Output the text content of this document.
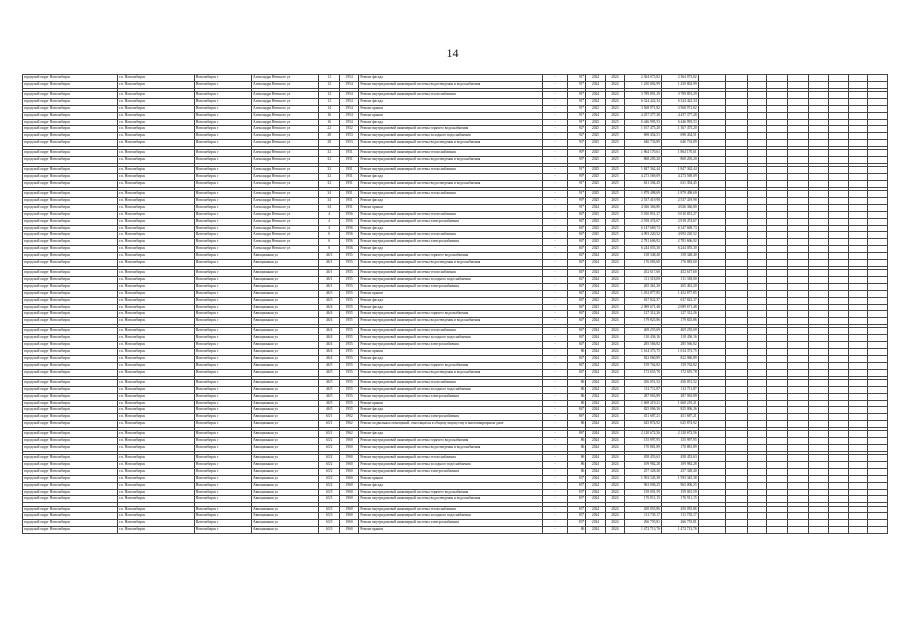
14
городской округ Новосибирск	г.п. Новосибирск	Новосибирск г	Александра Невского ул	12	1954	Ремонт фасада	-	91*	2024	2024	2 364 073,82	2 364 073,82									
городской округ Новосибирск	г.п. Новосибирск	Новосибирск г	Александра Невского ул	12	1954	Ремонт внутридомовой инженерной системы водоотведения и водоснабжения	-	91*	2024	2024	1 250 802,99	1 250 802,99									

городской округ Новосибирск	г.п. Новосибирск	Новосибирск г	Александра Невского ул	12	1954	Ремонт внутридомовой инженерной системы теплоснабжения	-	91*	2024	2024	3 789 891,29	3 789 891,29									
городской округ Новосибирск	г.п. Новосибирск	Новосибирск г	Александра Невского ул	12	1954	Ремонт фасада	-	91*	2024	2024	6 324 422,34	6 324 422,34									
городской округ Новосибирск	г.п. Новосибирск	Новосибирск г	Александра Невского ул	14	1954	Ремонт крыши	-	91*	2023	2023	3 568 971,82	3 568 971,82									
городской округ Новосибирск	г.п. Новосибирск	Новосибирск г	Александра Невского ул	16	1954	Ремонт крыши	-	91*	2024	2024	4 457 377,28	4 457 377,28									
городской округ Новосибирск	г.п. Новосибирск	Новосибирск г	Александра Невского ул	16	1954	Ремонт фасада	-	91*	2025	2025	6 446 993,53	6 446 993,53									
городской округ Новосибирск	г.п. Новосибирск	Новосибирск г	Александра Невского ул	22	1952	Ремонт внутридомовой инженерной системы горячего водоснабжения	-	92*	2025	2025	1 167 475,20	1 167 475,20									
городской округ Новосибирск	г.п. Новосибирск	Новосибирск г	Александра Невского ул	28	1953	Ремонт внутридомовой инженерной системы холодного водоснабжения	-	92*	2025	2025	698 454,51	698 454,51									
городской округ Новосибирск	г.п. Новосибирск	Новосибирск г	Александра Невского ул	28	1953	Ремонт внутридомовой инженерной системы водоотведения и водоснабжения	-	93*	2025	2025	646 733,89	646 733,89									

городской округ Новосибирск	г.п. Новосибирск	Новосибирск г	Александра Невского ул	32	1951	Ремонт внутридомовой инженерной системы теплоснабжения	-	90*	2025	2025	1 864 170,61	1 864 170,61									
городской округ Новосибирск	г.п. Новосибирск	Новосибирск г	Александра Невского ул	32	1951	Ремонт внутридомовой инженерной системы водоотведения и водоснабжения	-	90*	2025	2025	868 205,20	868 205,20									

городской округ Новосибирск	г.п. Новосибирск	Новосибирск г	Александра Невского ул	32	1951	Ремонт внутридомовой инженерной системы теплоснабжения	-	91*	2025	2025	1 847 362,44	1 847 362,44									
городской округ Новосибирск	г.п. Новосибирск	Новосибирск г	Александра Невского ул	32	1951	Ремонт фасада	-	90*	2025	2025	4 273 569,09	4 273 569,09									
городской округ Новосибирск	г.п. Новосибирск	Новосибирск г	Александра Невского ул	32	1951	Ремонт внутридомовой инженерной системы водоотведения и водоснабжения	-	91*	2025	2025	631 394,45	631 394,45									

городской округ Новосибирск	г.п. Новосибирск	Новосибирск г	Александра Невского ул	34	1951	Ремонт внутридомовой инженерной системы теплоснабжения	-	91*	2025	2025	1 879 498,69	1 879 498,69									
городской округ Новосибирск	г.п. Новосибирск	Новосибирск г	Александра Невского ул	34	1951	Ремонт фасада	-	90*	2025	2025	2 537 419,98	2 537 419,98									
городской округ Новосибирск	г.п. Новосибирск	Новосибирск г	Александра Невского ул	34	1951	Ремонт крыши	-	91*	2024	2024	4 026 366,80	4 026 366,80									
городской округ Новосибирск	г.п. Новосибирск	Новосибирск г	Александра Невского ул	4	1956	Ремонт внутридомовой инженерной системы теплоснабжения	-	84*	2025	2025	5 010 851,27	5 010 851,27									
городской округ Новосибирск	г.п. Новосибирск	Новосибирск г	Александра Невского ул	4	1956	Ремонт внутридомовой инженерной системы электроснабжения	-	84*	2025	2025	2 918 474,67	2 918 474,67									
городской округ Новосибирск	г.п. Новосибирск	Новосибирск г	Александра Невского ул	4	1956	Ремонт фасада	-	84*	2025	2025	6 147 669,73	6 147 669,73									
городской округ Новосибирск	г.п. Новосибирск	Новосибирск г	Александра Невского ул	6	1956	Ремонт внутридомовой инженерной системы теплоснабжения	-	84*	2025	2025	4 093 220,52	4 093 220,52									
городской округ Новосибирск	г.п. Новосибирск	Новосибирск г	Александра Невского ул	6	1956	Ремонт внутридомовой инженерной системы электроснабжения	-	84*	2025	2025	2 781 606,92	2 781 606,92									
городской округ Новосибирск	г.п. Новосибирск	Новосибирск г	Александра Невского ул	6	1956	Ремонт фасада	-	84*	2025	2025	6 244 055,30	6 244 055,30									
городской округ Новосибирск	г.п. Новосибирск	Новосибирск г	Авиационная ул	46/1	1955	Ремонт внутридомовой инженерной системы горячего водоснабжения	-	84*	2024	2024	158 348,40	158 348,40									
городской округ Новосибирск	г.п. Новосибирск	Новосибирск г	Авиационная ул	46/1	1955	Ремонт внутридомовой инженерной системы водоотведения и водоснабжения	-	84*	2024	2024	176 083,60	176 083,60									

городской округ Новосибирск	г.п. Новосибирск	Новосибирск г	Авиационная ул	46/1	1955	Ремонт внутридомовой инженерной системы теплоснабжения	-	84*	2024	2024	452 617,60	452 617,60									
городской округ Новосибирск	г.п. Новосибирск	Новосибирск г	Авиационная ул	46/1	1955	Ремонт внутридомовой инженерной системы холодного водоснабжения	-	84*	2024	2024	111 318,00	111 318,00									
городской округ Новосибирск	г.п. Новосибирск	Новосибирск г	Авиационная ул	46/1	1955	Ремонт внутридомовой инженерной системы электроснабжения	-	84*	2024	2024	265 461,20	265 461,20									
городской округ Новосибирск	г.п. Новосибирск	Новосибирск г	Авиационная ул	46/3	1955	Ремонт крыши	-	84*	2024	2024	1 452 877,85	1 452 877,85									
городской округ Новосибирск	г.п. Новосибирск	Новосибирск г	Авиационная ул	46/3	1955	Ремонт фасада	-	84*	2023	2023	637 822,37	637 822,37									
городской округ Новосибирск	г.п. Новосибирск	Новосибирск г	Авиационная ул	46/4	1955	Ремонт фасада	-	84*	2023	2023	2 089 671,48	2 089 671,48									
городской округ Новосибирск	г.п. Новосибирск	Новосибирск г	Авиационная ул	46/4	1955	Ремонт внутридомовой инженерной системы горячего водоснабжения	-	84*	2024	2024	127 312,26	127 312,26									
городской округ Новосибирск	г.п. Новосибирск	Новосибирск г	Авиационная ул	46/4	1955	Ремонт внутридомовой инженерной системы водоотведения и водоснабжения	-	84*	2024	2024	179 825,86	179 825,86									

городской округ Новосибирск	г.п. Новосибирск	Новосибирск г	Авиационная ул	46/4	1955	Ремонт внутридомовой инженерной системы теплоснабжения	-	84*	2024	2024	469 255,69	469 255,69									
городской округ Новосибирск	г.п. Новосибирск	Новосибирск г	Авиационная ул	46/4	1955	Ремонт внутридомовой инженерной системы холодного водоснабжения	-	84*	2024	2024	110 436,16	110 436,16									
городской округ Новосибирск	г.п. Новосибирск	Новосибирск г	Авиационная ул	46/4	1955	Ремонт внутридомовой инженерной системы электроснабжения	-	84*	2024	2024	285 566,82	285 566,82									
городской округ Новосибирск	г.п. Новосибирск	Новосибирск г	Авиационная ул	46/4	1955	Ремонт крыши	-	86	2024	2024	1 614 373,75	1 614 373,75									
городской округ Новосибирск	г.п. Новосибирск	Новосибирск г	Авиационная ул	46/4	1955	Ремонт фасада	-	84*	2024	2024	822 060,89	822 060,89									
городской округ Новосибирск	г.п. Новосибирск	Новосибирск г	Авиационная ул	46/5	1955	Ремонт внутридомовой инженерной системы горячего водоснабжения	-	84*	2024	2024	159 762,82	159 762,82									
городской округ Новосибирск	г.п. Новосибирск	Новосибирск г	Авиационная ул	46/5	1955	Ремонт внутридомовой инженерной системы водоотведения и водоснабжения	-	84*	2024	2024	172 655,78	172 655,78									

городской округ Новосибирск	г.п. Новосибирск	Новосибирск г	Авиационная ул	46/5	1955	Ремонт внутридомовой инженерной системы теплоснабжения	-	86	2024	2024	456 051,52	456 051,52									
городской округ Новосибирск	г.п. Новосибирск	Новосибирск г	Авиационная ул	46/5	1955	Ремонт внутридомовой инженерной системы холодного водоснабжения	-	86	2024	2024	112 711,87	112 711,87									
городской округ Новосибирск	г.п. Новосибирск	Новосибирск г	Авиационная ул	46/5	1955	Ремонт внутридомовой инженерной системы электроснабжения	-	86	2024	2024	287 063,89	287 063,89									
городской округ Новосибирск	г.п. Новосибирск	Новосибирск г	Авиационная ул	46/5	1955	Ремонт крыши	-	86	2024	2024	1 668 219,21	1 668 219,21									
городской округ Новосибирск	г.п. Новосибирск	Новосибирск г	Авиационная ул	46/5	1955	Ремонт фасада	-	84*	2024	2024	825 006,36	825 006,36									
городской округ Новосибирск	г.п. Новосибирск	Новосибирск г	Авиационная ул	63/1	1962	Ремонт внутридомовой инженерной системы электроснабжения	-	86*	2024	2024	451 687,21	451 687,21									
городской округ Новосибирск	г.п. Новосибирск	Новосибирск г	Авиационная ул	63/1	1962	Ремонт подвальных помещений, относящихся к общему имуществу в многоквартирном доме	-	86	2024	2024	625 874,92	625 874,92									

городской округ Новосибирск	г.п. Новосибирск	Новосибирск г	Авиационная ул	63/1	1962	Ремонт фасада	-	86*	2024	2024	2 120 672,56	2 120 672,56									
городской округ Новосибирск	г.п. Новосибирск	Новосибирск г	Авиационная ул	63/2	1960	Ремонт внутридомовой инженерной системы горячего водоснабжения	-	86	2024	2024	155 997,95	155 997,95									
городской округ Новосибирск	г.п. Новосибирск	Новосибирск г	Авиационная ул	63/2	1960	Ремонт внутридомовой инженерной системы водоотведения и водоснабжения	-	86	2024	2024	170 881,89	170 881,89									

городской округ Новосибирск	г.п. Новосибирск	Новосибирск г	Авиационная ул	63/2	1960	Ремонт внутридомовой инженерной системы теплоснабжения	-	86	2024	2024	458 453,63	458 453,63									
городской округ Новосибирск	г.п. Новосибирск	Новосибирск г	Авиационная ул	63/2	1960	Ремонт внутридомовой инженерной системы холодного водоснабжения	-	86	2024	2024	109 982,28	109 982,28									
городской округ Новосибирск	г.п. Новосибирск	Новосибирск г	Авиационная ул	63/2	1960	Ремонт внутридомовой инженерной системы электроснабжения	-	86	2024	2024	257 328,40	257 328,40									
городской округ Новосибирск	г.п. Новосибирск	Новосибирск г	Авиационная ул	63/2	1960	Ремонт крыши	-	83*	2024	2024	1 593 345,38	1 593 345,38									
городской округ Новосибирск	г.п. Новосибирск	Новосибирск г	Авиационная ул	63/2	1960	Ремонт фасада	-	83*	2024	2024	963 006,25	963 006,25									
городской округ Новосибирск	г.п. Новосибирск	Новосибирск г	Авиационная ул	63/3	1960	Ремонт внутридомовой инженерной системы горячего водоснабжения	-	83*	2024	2024	159 001,59	159 001,59									
городской округ Новосибирск	г.п. Новосибирск	Новосибирск г	Авиационная ул	63/3	1960	Ремонт внутридомовой инженерной системы водоотведения и водоснабжения	-	83*	2024	2024	176 911,15	176 911,15									

городской округ Новосибирск	г.п. Новосибирск	Новосибирск г	Авиационная ул	63/3	1960	Ремонт внутридомовой инженерной системы теплоснабжения	-	83*	2024	2024	450 055,86	450 055,86									
городской округ Новосибирск	г.п. Новосибирск	Новосибирск г	Авиационная ул	63/3	1960	Ремонт внутридомовой инженерной системы холодного водоснабжения	-	83*	2024	2024	111 735,17	111 735,17									
городской округ Новосибирск	г.п. Новосибирск	Новосибирск г	Авиационная ул	63/3	1960	Ремонт внутридомовой инженерной системы электроснабжения	-	83*	2024	2024	266 755,81	266 755,81									
городской округ Новосибирск	г.п. Новосибирск	Новосибирск г	Авиационная ул	63/3	1960	Ремонт крыши	-	86	2024	2024	1 472 713,76	1 472 713,76									
